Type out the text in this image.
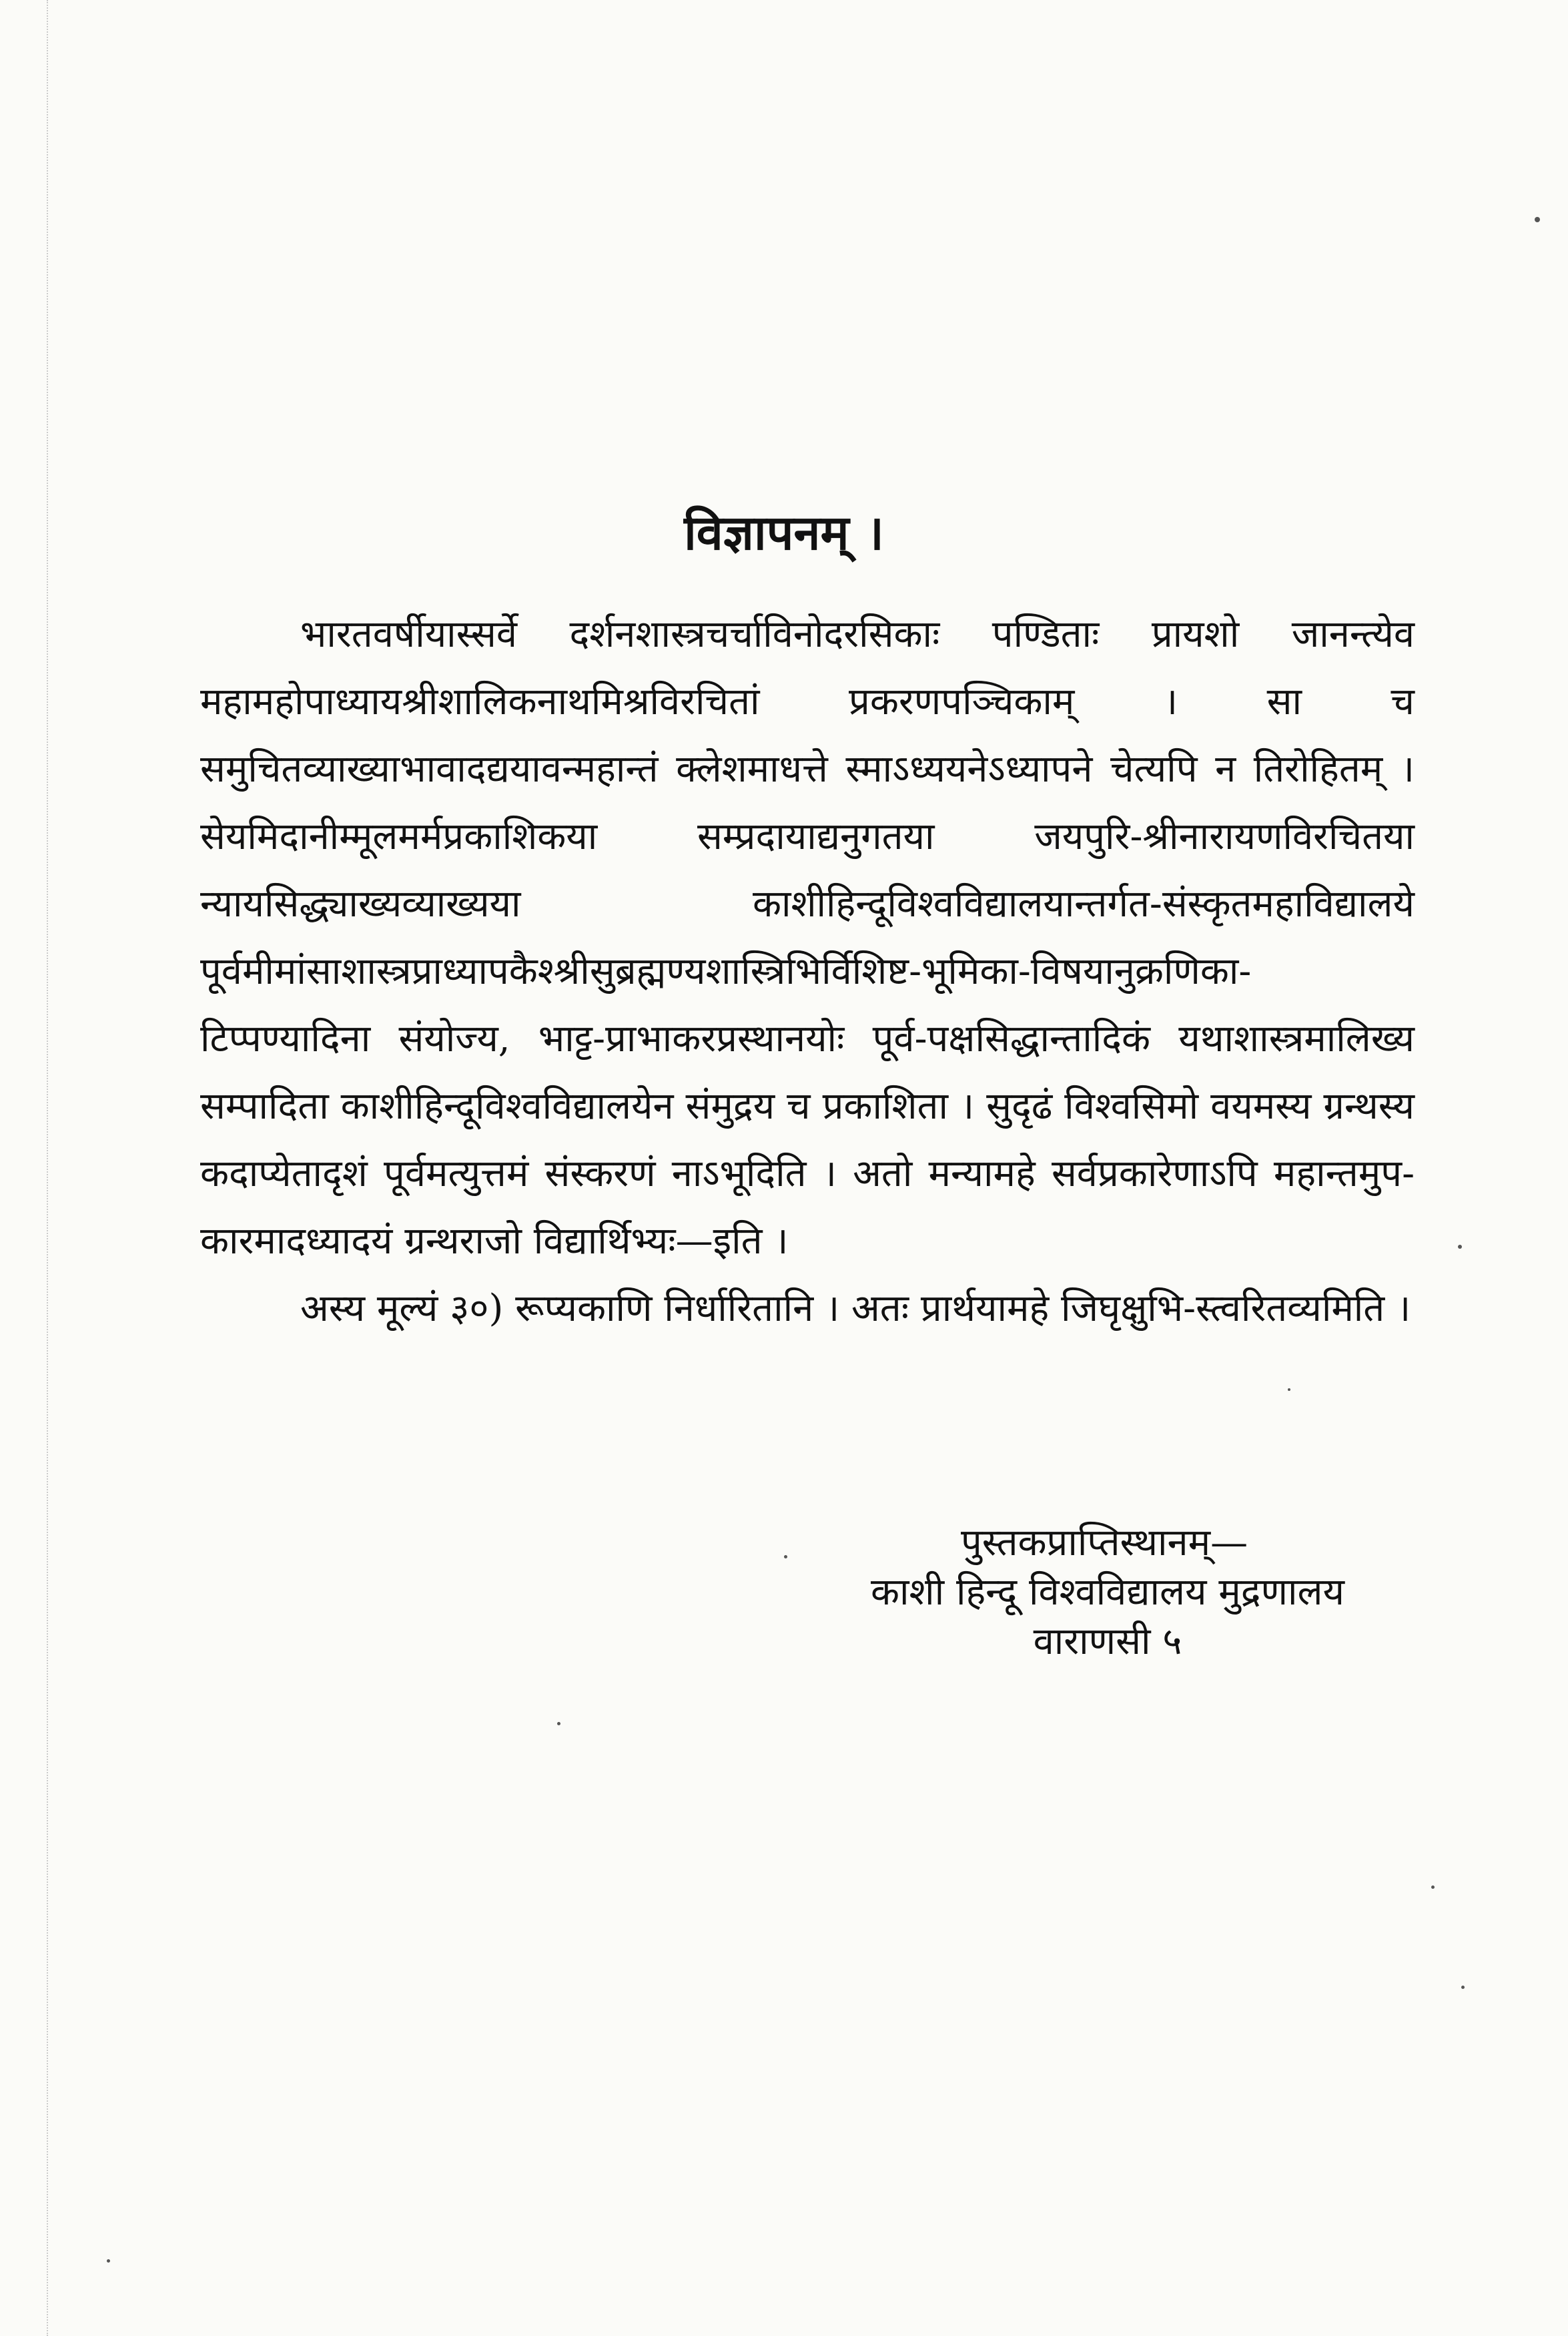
विज्ञापनम् ।

भारतवर्षीयास्सर्वे दर्शनशास्त्रचर्चाविनोदरसिकाः पण्डिताः प्रायशो जानन्त्येव महामहोपाध्यायश्रीशालिकनाथमिश्रविरचितां प्रकरणपञ्चिकाम् । सा च समुचितव्याख्याभावादद्ययावन्महान्तं क्लेशमाधत्ते स्माऽध्ययनेऽध्यापने चेत्यपि न तिरोहितम् । सेयमिदानीम्मूलमर्मप्रकाशिकया सम्प्रदायाद्यनुगतया जयपुरि-श्रीनारायणविरचितया न्यायसिद्ध्याख्यव्याख्यया काशीहिन्दूविश्वविद्यालयान्तर्गत-संस्कृतमहाविद्यालये पूर्वमीमांसाशास्त्रप्राध्यापकैश्श्रीसुब्रह्मण्यशास्त्रिभिर्विशिष्ट-भूमिका-विषयानुक्रणिका-टिप्पण्यादिना संयोज्य, भाट्ट-प्राभाकरप्रस्थानयोः पूर्व-पक्षसिद्धान्तादिकं यथाशास्त्रमालिख्य सम्पादिता काशीहिन्दूविश्वविद्यालयेन संमुद्रय च प्रकाशिता । सुदृढं विश्वसिमो वयमस्य ग्रन्थस्य कदाप्येतादृशं पूर्वमत्युत्तमं संस्करणं नाऽभूदिति । अतो मन्यामहे सर्वप्रकारेणाऽपि महान्तमुप-कारमादध्यादयं ग्रन्थराजो विद्यार्थिभ्यः—इति ।

अस्य मूल्यं ३०) रूप्यकाणि निर्धारितानि । अतः प्रार्थयामहे जिघृक्षुभि-स्त्वरितव्यमिति ।

पुस्तकप्राप्तिस्थानम्—
काशी हिन्दू विश्वविद्यालय मुद्रणालय
वाराणसी ५
